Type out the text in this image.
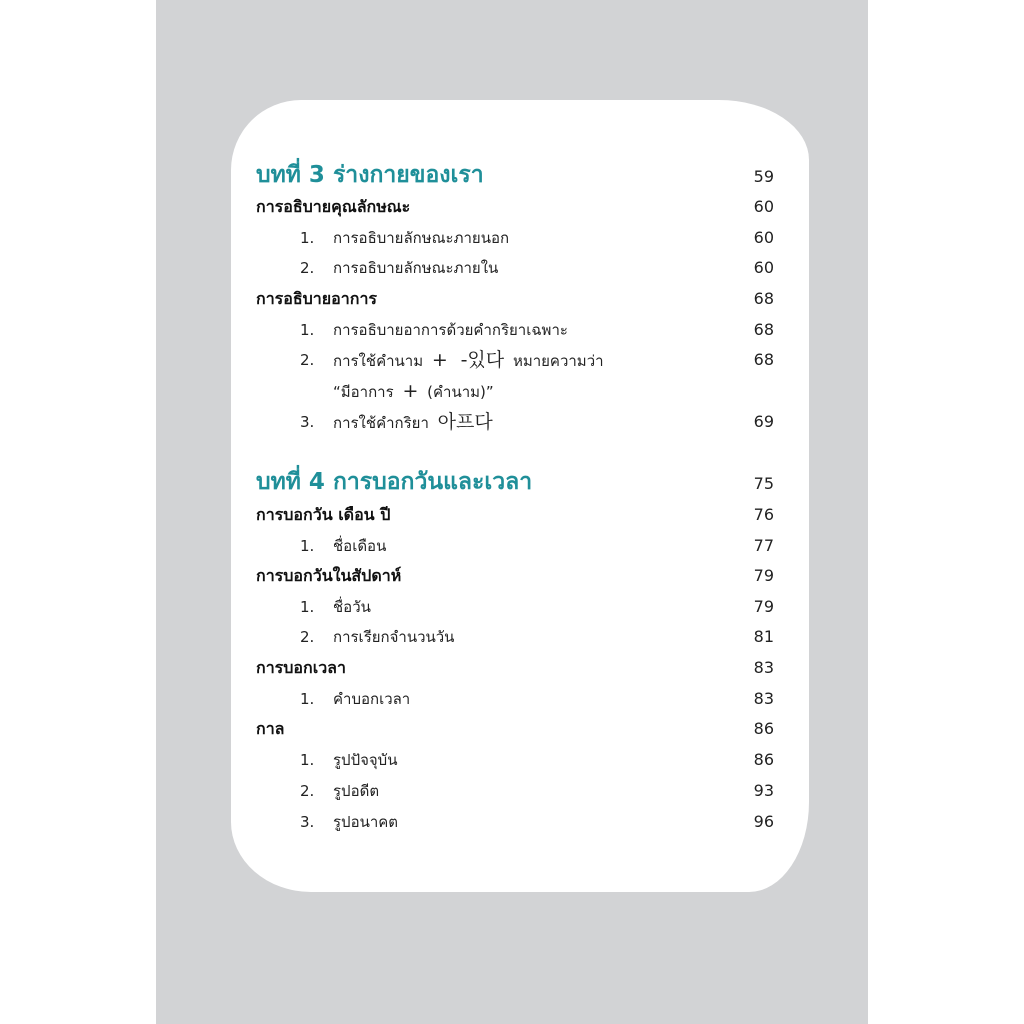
บทที่ 3 ร่างกายของเรา	59
การอธิบายคุณลักษณะ	60
1. การอธิบายลักษณะภายนอก	60
2. การอธิบายลักษณะภายใน	60
การอธิบายอาการ	68
1. การอธิบายอาการด้วยคำกริยาเฉพาะ	68
2. การใช้คำนาม + -있다 หมายความว่า	68
“มีอาการ + (คำนาม)”
3. การใช้คำกริยา 아프다	69
บทที่ 4 การบอกวันและเวลา	75
การบอกวัน เดือน ปี	76
1. ชื่อเดือน	77
การบอกวันในสัปดาห์	79
1. ชื่อวัน	79
2. การเรียกจำนวนวัน	81
การบอกเวลา	83
1. คำบอกเวลา	83
กาล	86
1. รูปปัจจุบัน	86
2. รูปอดีต	93
3. รูปอนาคต	96
